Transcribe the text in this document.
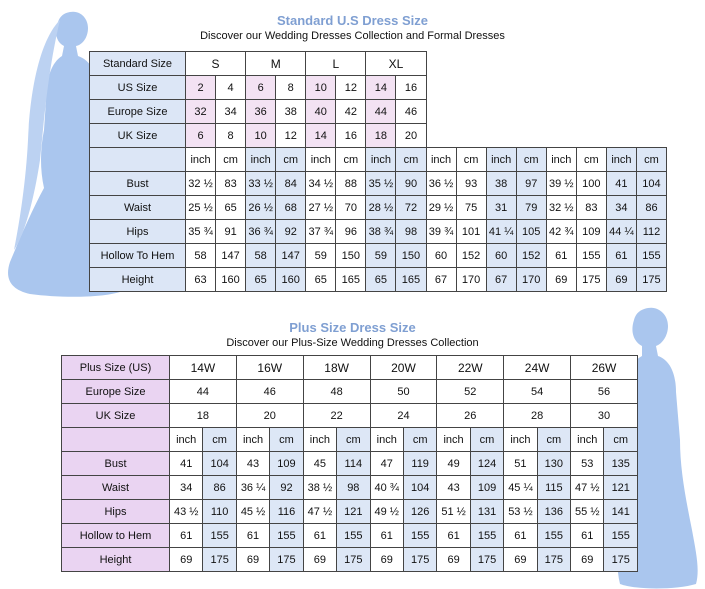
Standard U.S Dress Size
Discover our Wedding Dresses Collection and Formal Dresses
Standard Size	S		M		L		XL									
US Size	2	4	6	8	10	12	14	16								
Europe Size	32	34	36	38	40	42	44	46								
UK Size	6	8	10	12	14	16	18	20								
	inch	cm	inch	cm	inch	cm	inch	cm	inch	cm	inch	cm	inch	cm	inch	cm
Bust	32 ½	83	33 ½	84	34 ½	88	35 ½	90	36 ½	93	38	97	39 ½	100	41	104
Waist	25 ½	65	26 ½	68	27 ½	70	28 ½	72	29 ½	75	31	79	32 ½	83	34	86
Hips	35 ¾	91	36 ¾	92	37 ¾	96	38 ¾	98	39 ¾	101	41 ¼	105	42 ¾	109	44 ¼	112
Hollow To Hem	58	147	58	147	59	150	59	150	60	152	60	152	61	155	61	155
Height	63	160	65	160	65	165	65	165	67	170	67	170	69	175	69	175
Plus Size Dress Size
Discover our Plus-Size Wedding Dresses Collection
Plus Size (US)	14W		16W		18W		20W		22W		24W		26W	
Europe Size	44		46		48		50		52		54		56	
UK Size	18		20		22		24		26		28		30	
	inch	cm	inch	cm	inch	cm	inch	cm	inch	cm	inch	cm	inch	cm
Bust	41	104	43	109	45	114	47	119	49	124	51	130	53	135
Waist	34	86	36 ¼	92	38 ½	98	40 ¾	104	43	109	45 ¼	115	47 ½	121
Hips	43 ½	110	45 ½	116	47 ½	121	49 ½	126	51 ½	131	53 ½	136	55 ½	141
Hollow to Hem	61	155	61	155	61	155	61	155	61	155	61	155	61	155
Height	69	175	69	175	69	175	69	175	69	175	69	175	69	175
